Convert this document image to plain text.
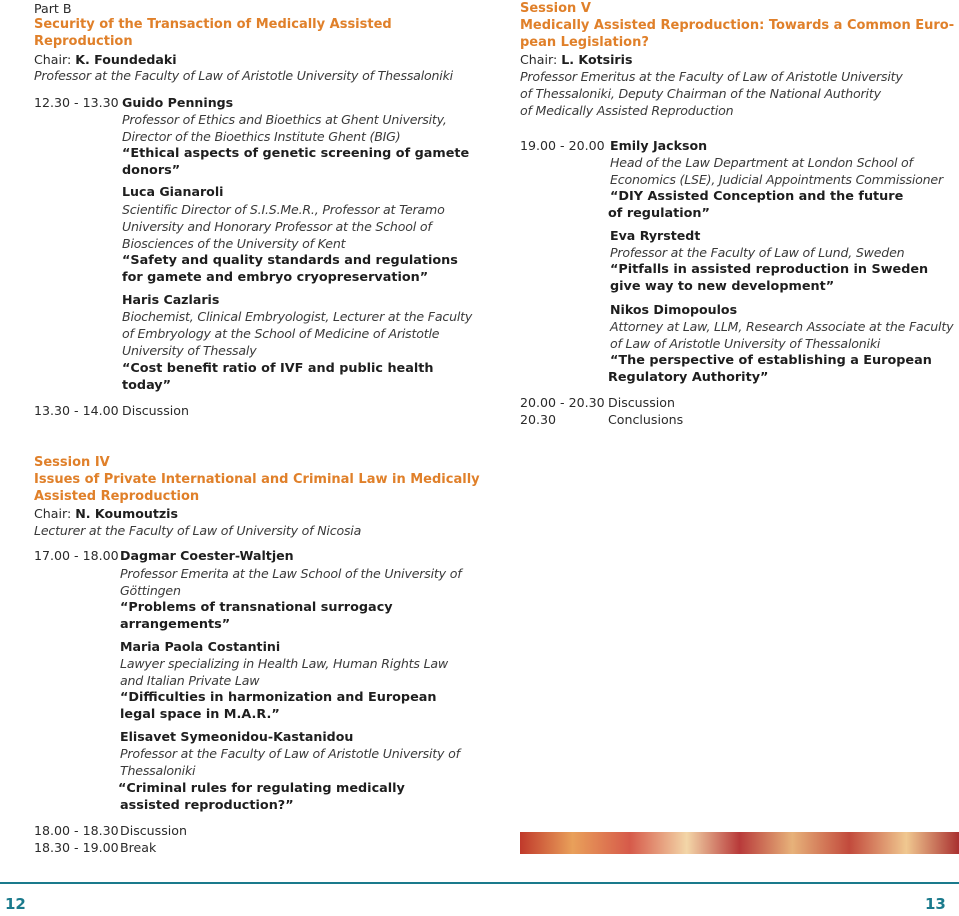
Part B
Security of the Transaction of Medically Assisted
Reproduction
Chair: K. Foundedaki
Professor at the Faculty of Law of Aristotle University of Thessaloniki
12.30 - 13.30 Guido Pennings
Professor of Ethics and Bioethics at Ghent University,
Director of the Bioethics Institute Ghent (BIG)
“Ethical aspects of genetic screening of gamete
donors”
Luca Gianaroli
Scientific Director of S.I.S.Me.R., Professor at Teramo
University and Honorary Professor at the School of
Biosciences of the University of Kent
“Safety and quality standards and regulations
for gamete and embryo cryopreservation”
Haris Cazlaris
Biochemist, Clinical Embryologist, Lecturer at the Faculty
of Embryology at the School of Medicine of Aristotle
University of Thessaly
“Cost benefit ratio of IVF and public health
today”
13.30 - 14.00 Discussion
Session IV
Issues of Private International and Criminal Law in Medically
Assisted Reproduction
Chair: N. Koumoutzis
Lecturer at the Faculty of Law of University of Nicosia
17.00 - 18.00 Dagmar Coester-Waltjen
Professor Emerita at the Law School of the University of
Göttingen
“Problems of transnational surrogacy
arrangements”
Maria Paola Costantini
Lawyer specializing in Health Law, Human Rights Law
and Italian Private Law
“Difficulties in harmonization and European
legal space in M.A.R.”
Elisavet Symeonidou-Kastanidou
Professor at the Faculty of Law of Aristotle University of
Thessaloniki
“Criminal rules for regulating medically
assisted reproduction?”
18.00 - 18.30 Discussion
18.30 - 19.00 Break
Session V
Medically Assisted Reproduction: Towards a Common Euro-
pean Legislation?
Chair: L. Kotsiris
Professor Emeritus at the Faculty of Law of Aristotle University
of Thessaloniki, Deputy Chairman of the National Authority
of Medically Assisted Reproduction
19.00 - 20.00 Emily Jackson
Head of the Law Department at London School of
Economics (LSE), Judicial Appointments Commissioner
“DIY Assisted Conception and the future
of regulation”
Eva Ryrstedt
Professor at the Faculty of Law of Lund, Sweden
“Pitfalls in assisted reproduction in Sweden
give way to new development”
Nikos Dimopoulos
Attorney at Law, LLM, Research Associate at the Faculty
of Law of Aristotle University of Thessaloniki
“The perspective of establishing a European
Regulatory Authority”
20.00 - 20.30 Discussion
20.30	Conclusions
12	13
